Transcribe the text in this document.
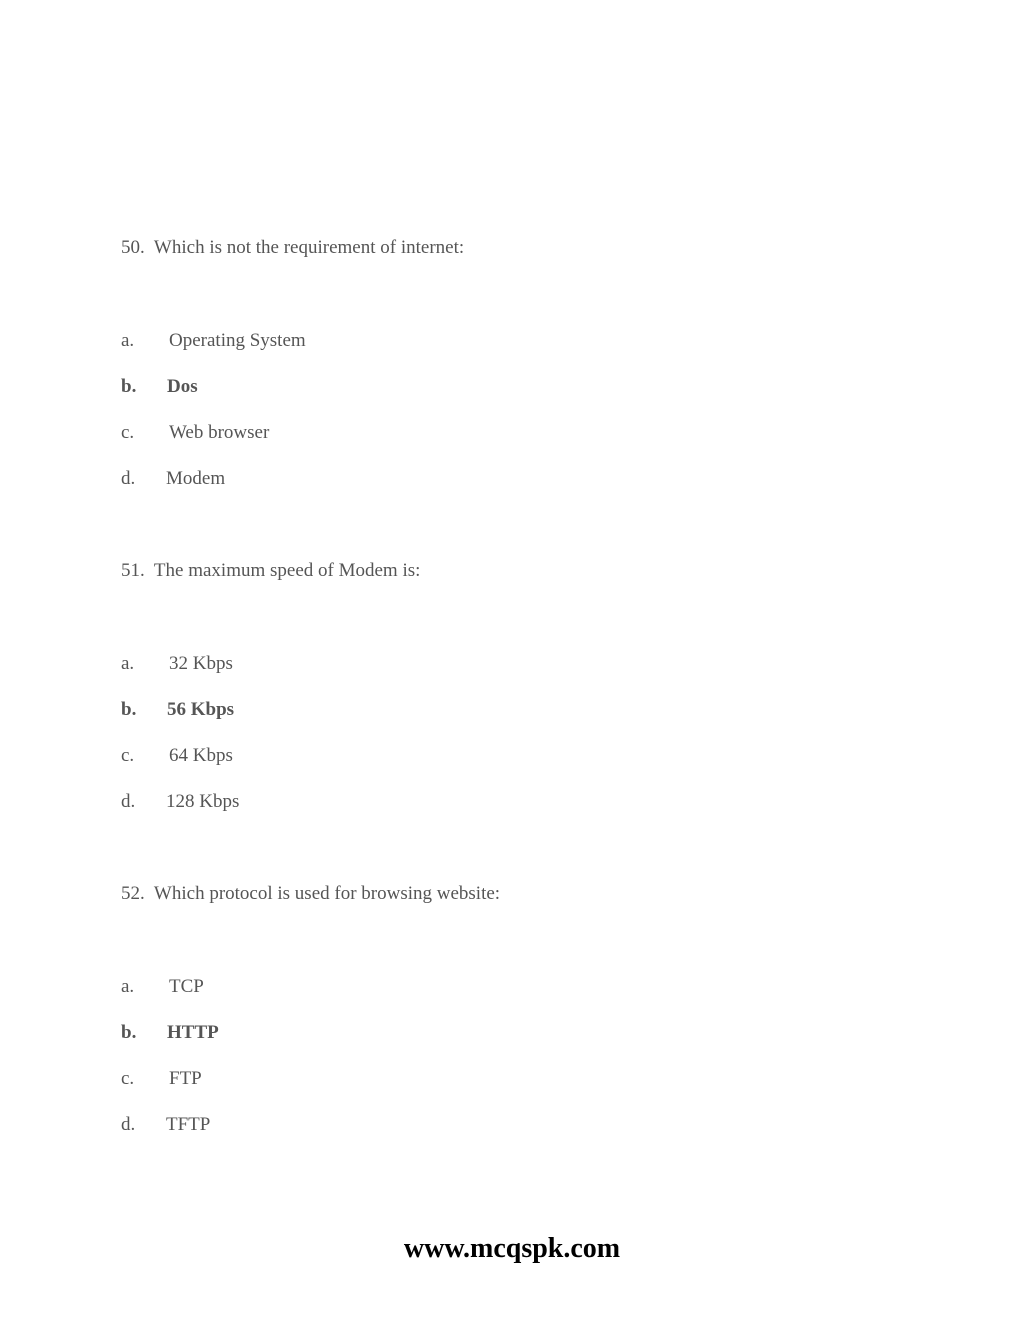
50. Which is not the requirement of internet:
a.	Operating System
b.	Dos
c.	Web browser
d.	Modem
51. The maximum speed of Modem is:
a.	32 Kbps
b.	56 Kbps
c.	64 Kbps
d.	128 Kbps
52. Which protocol is used for browsing website:
a.	TCP
b.	HTTP
c.	FTP
d.	TFTP
www.mcqspk.com
